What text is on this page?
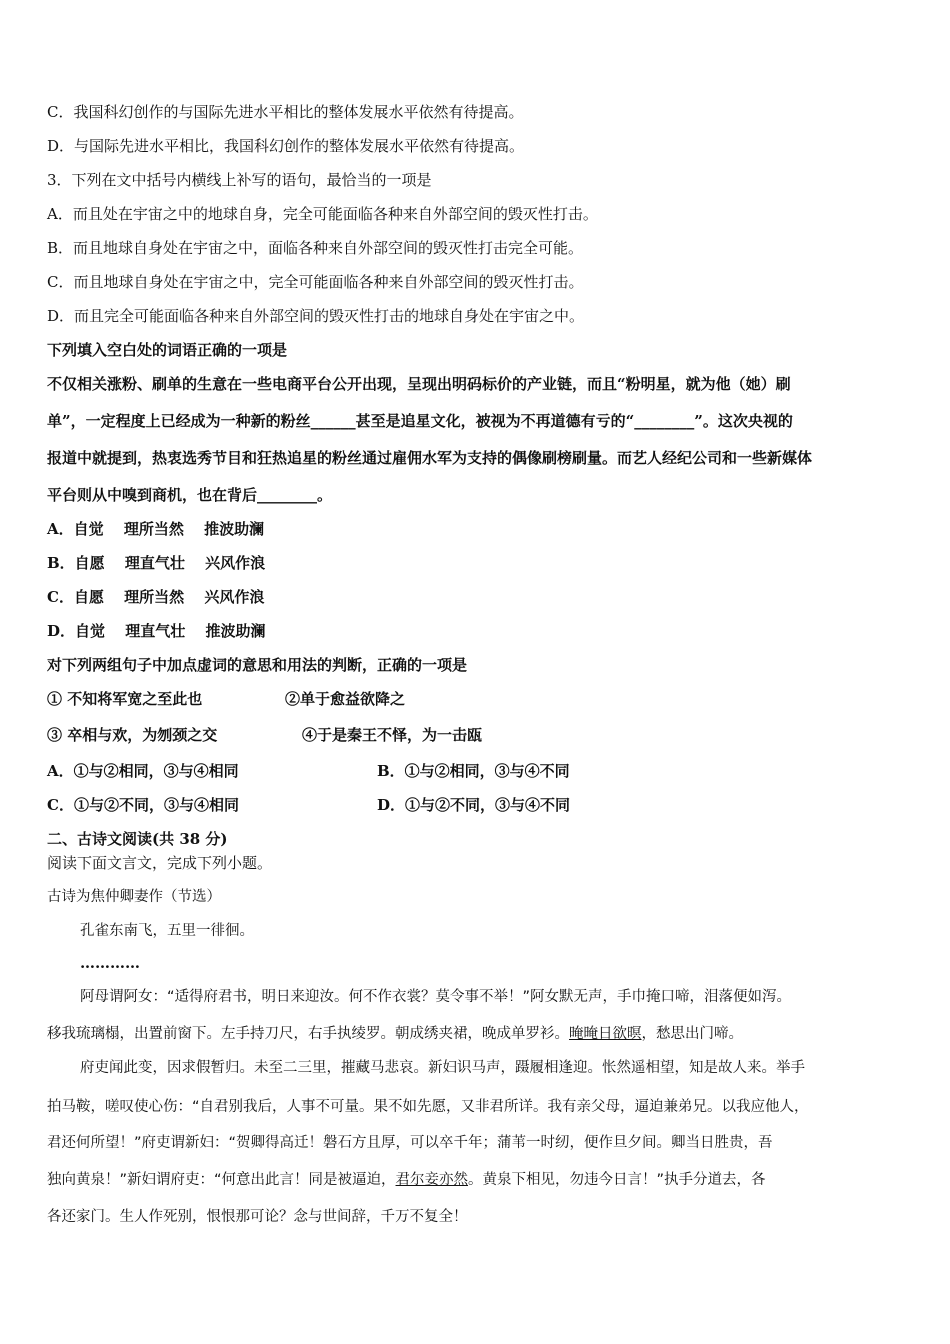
C．我国科幻创作的与国际先进水平相比的整体发展水平依然有待提高。
D．与国际先进水平相比，我国科幻创作的整体发展水平依然有待提高。
3．下列在文中括号内横线上补写的语句，最恰当的一项是
A．而且处在宇宙之中的地球自身，完全可能面临各种来自外部空间的毁灭性打击。
B．而且地球自身处在宇宙之中，面临各种来自外部空间的毁灭性打击完全可能。
C．而且地球自身处在宇宙之中，完全可能面临各种来自外部空间的毁灭性打击。
D．而且完全可能面临各种来自外部空间的毁灭性打击的地球自身处在宇宙之中。
下列填入空白处的词语正确的一项是
不仅相关涨粉、刷单的生意在一些电商平台公开出现，呈现出明码标价的产业链，而且“粉明星，就为他（她）刷
单”，一定程度上已经成为一种新的粉丝______甚至是追星文化，被视为不再道德有亏的“________”。这次央视的
报道中就提到，热衷选秀节目和狂热追星的粉丝通过雇佣水军为支持的偶像刷榜刷量。而艺人经纪公司和一些新媒体
平台则从中嗅到商机，也在背后________。
A．自觉　 理所当然　 推波助澜
B．自愿　 理直气壮　 兴风作浪
C．自愿　 理所当然　 兴风作浪
D．自觉　 理直气壮　 推波助澜
对下列两组句子中加点虚词的意思和用法的判断，正确的一项是
① 不知将军宽之至此也	②单于愈益欲降之
③ 卒相与欢，为刎颈之交	④于是秦王不怿，为一击瓯
A．①与②相同，③与④相同	B．①与②相同，③与④不同
C．①与②不同，③与④相同	D．①与②不同，③与④不同
二、古诗文阅读(共 38 分)
阅读下面文言文，完成下列小题。
古诗为焦仲卿妻作（节选）
孔雀东南飞，五里一徘徊。
…………
阿母谓阿女：“适得府君书，明日来迎汝。何不作衣裳？莫令事不举！”阿女默无声，手巾掩口啼，泪落便如泻。
移我琉璃榻，出置前窗下。左手持刀尺，右手执绫罗。朝成绣夹裙，晚成单罗衫。晻晻日欲暝，愁思出门啼。
府吏闻此变，因求假暂归。未至二三里，摧藏马悲哀。新妇识马声，蹑履相逢迎。怅然遥相望，知是故人来。举手
拍马鞍，嗟叹使心伤：“自君别我后，人事不可量。果不如先愿，又非君所详。我有亲父母，逼迫兼弟兄。以我应他人，
君还何所望！”府吏谓新妇：“贺卿得高迁！磐石方且厚，可以卒千年；蒲苇一时纫，便作旦夕间。卿当日胜贵，吾
独向黄泉！”新妇谓府吏：“何意出此言！同是被逼迫，君尔妾亦然。黄泉下相见，勿违今日言！”执手分道去，各
各还家门。生人作死别，恨恨那可论？念与世间辞，千万不复全！
